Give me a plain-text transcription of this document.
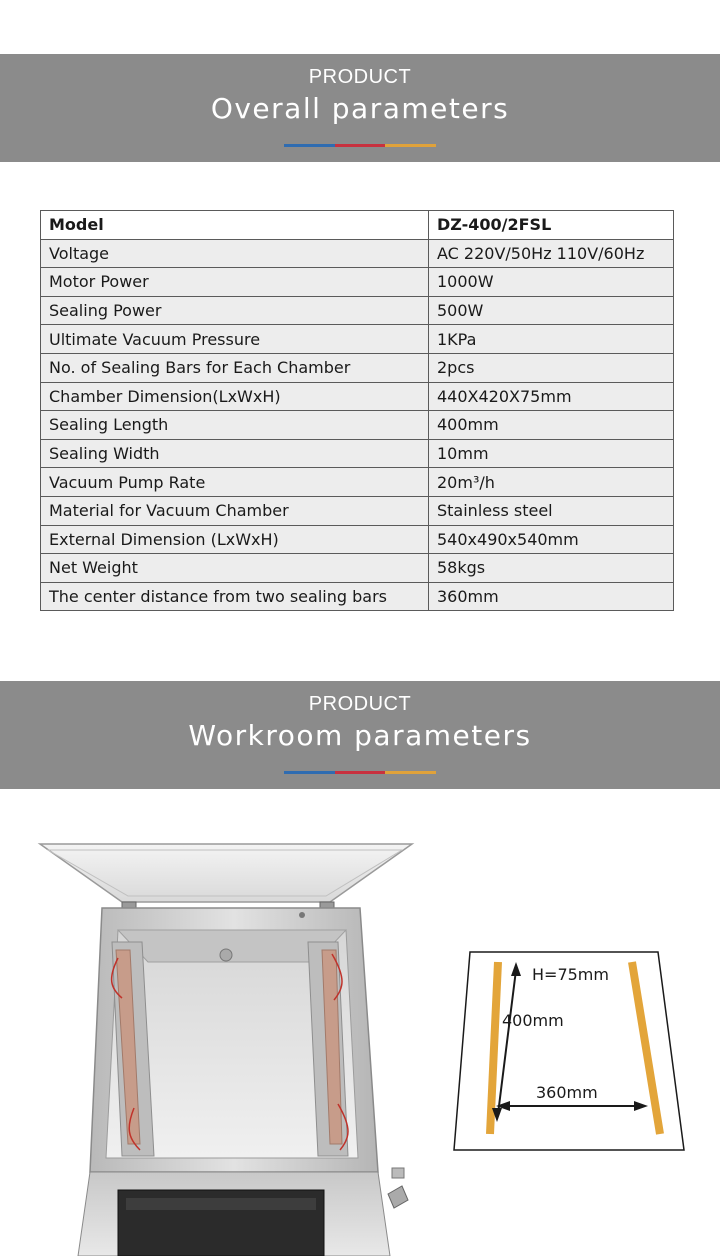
PRODUCT
Overall parameters
Model	DZ-400/2FSL
Voltage	AC 220V/50Hz 110V/60Hz
Motor Power	1000W
Sealing Power	500W
Ultimate Vacuum Pressure	1KPa
No. of Sealing Bars for Each Chamber	2pcs
Chamber Dimension(LxWxH)	440X420X75mm
Sealing Length	400mm
Sealing Width	10mm
Vacuum Pump Rate	20m³/h
Material for Vacuum Chamber	Stainless steel
External Dimension (LxWxH)	540x490x540mm
Net Weight	58kgs
The center distance from two sealing bars	360mm
PRODUCT
Workroom parameters
H=75mm
400mm
360mm
